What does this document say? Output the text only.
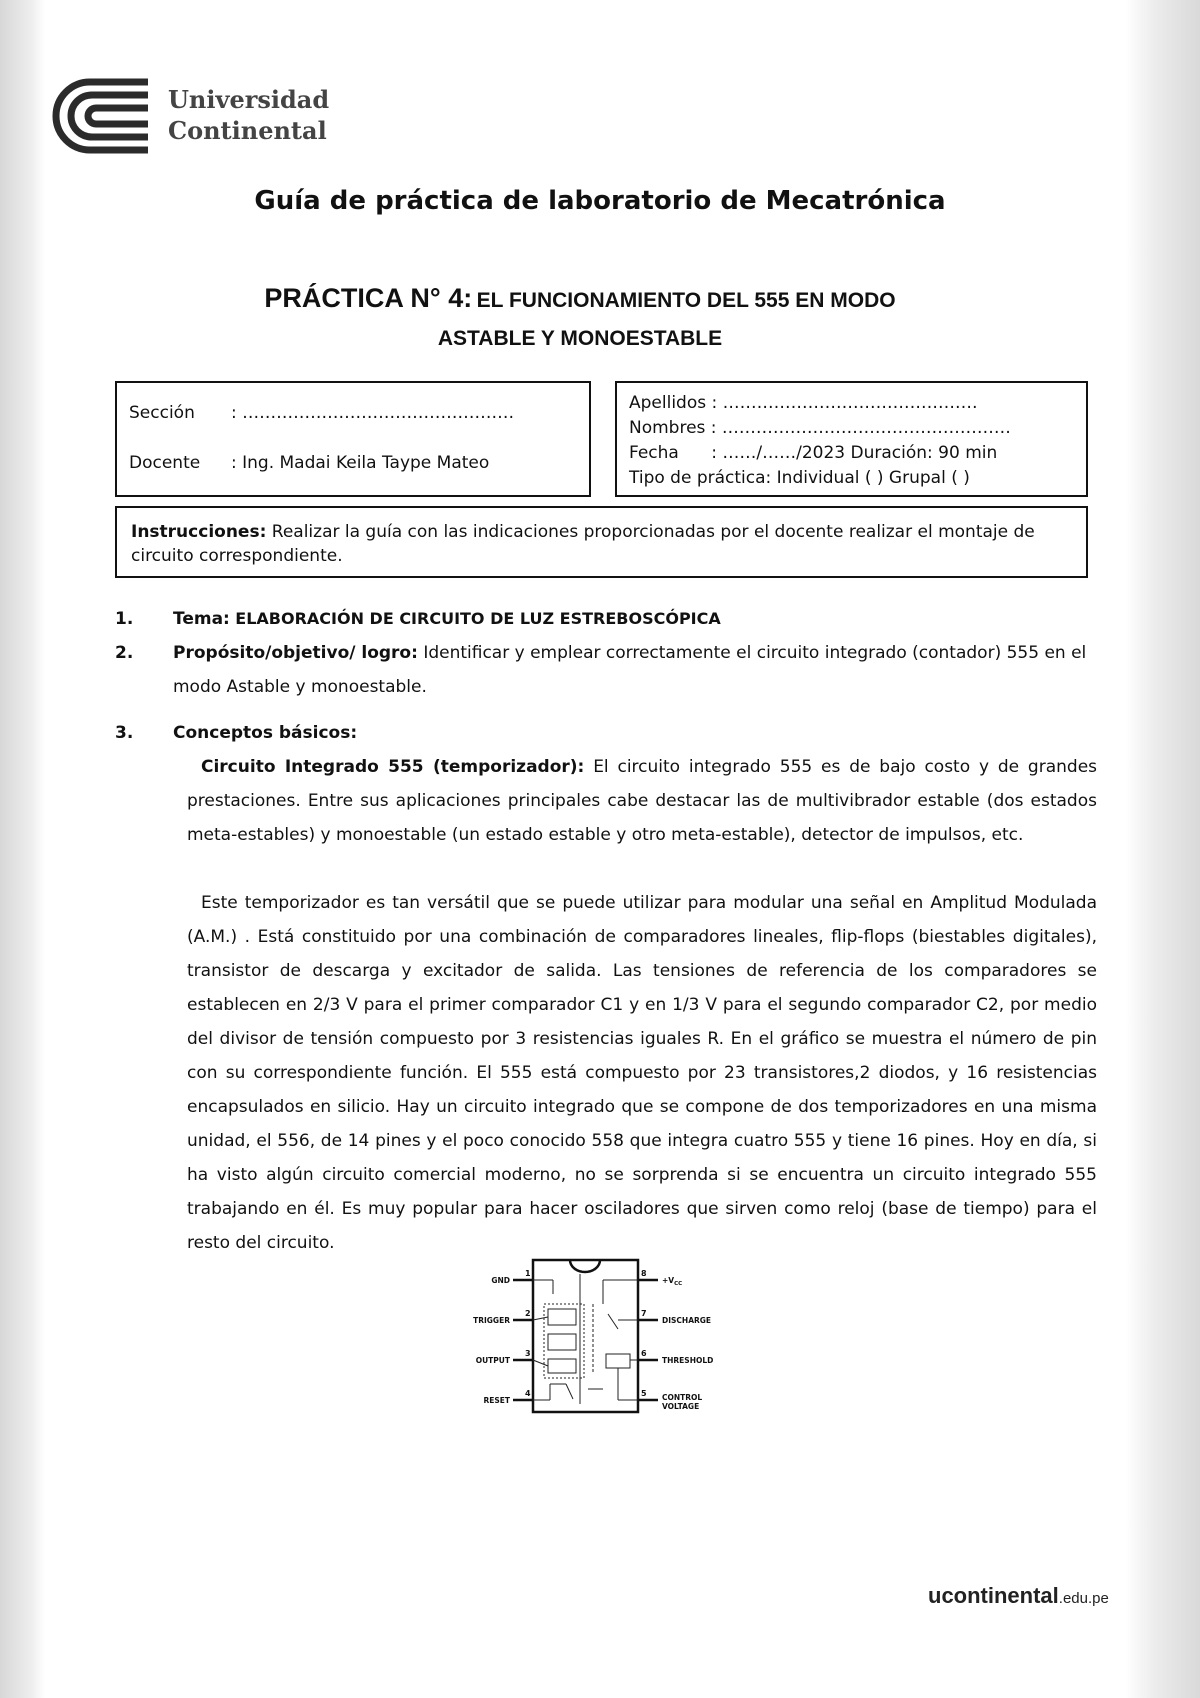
Universidad
Continental
Guía de práctica de laboratorio de Mecatrónica
PRÁCTICA N° 4: EL FUNCIONAMIENTO DEL 555 EN MODO
ASTABLE Y MONOESTABLE
Sección : …………………………………………
Docente : Ing. Madai Keila Taype Mateo
Apellidos : ………………………………………
Nombres : ……………………………………………
Fecha      : ……/……/2023 Duración: 90 min
Tipo de práctica: Individual ( ) Grupal ( )
Instrucciones: Realizar la guía con las indicaciones proporcionadas por el docente realizar el montaje de circuito correspondiente.
1. Tema: ELABORACIÓN DE CIRCUITO DE LUZ ESTREBOSCÓPICA
2. Propósito/objetivo/ logro: Identificar y emplear correctamente el circuito integrado (contador) 555 en el modo Astable y monoestable.
3. Conceptos básicos:
Circuito Integrado 555 (temporizador): El circuito integrado 555 es de bajo costo y de grandes prestaciones. Entre sus aplicaciones principales cabe destacar las de multivibrador estable (dos estados meta-estables) y monoestable (un estado estable y otro meta-estable), detector de impulsos, etc.
Este temporizador es tan versátil que se puede utilizar para modular una señal en Amplitud Modulada (A.M.) . Está constituido por una combinación de comparadores lineales, flip-flops (biestables digitales), transistor de descarga y excitador de salida. Las tensiones de referencia de los comparadores se establecen en 2/3 V para el primer comparador C1 y en 1/3 V para el segundo comparador C2, por medio del divisor de tensión compuesto por 3 resistencias iguales R. En el gráfico se muestra el número de pin con su correspondiente función. El 555 está compuesto por 23 transistores,2 diodos, y 16 resistencias encapsulados en silicio. Hay un circuito integrado que se compone de dos temporizadores en una misma unidad, el 556, de 14 pines y el poco conocido 558 que integra cuatro 555 y tiene 16 pines. Hoy en día, si ha visto algún circuito comercial moderno, no se sorprenda si se encuentra un circuito integrado 555 trabajando en él. Es muy popular para hacer osciladores que sirven como reloj (base de tiempo) para el resto del circuito.
1
2
3
4
8
7
6
5
GND
TRIGGER
OUTPUT
RESET
$+V_{CC}$
DISCHARGE
THRESHOLD
CONTROL
VOLTAGE
ucontinental.edu.pe
